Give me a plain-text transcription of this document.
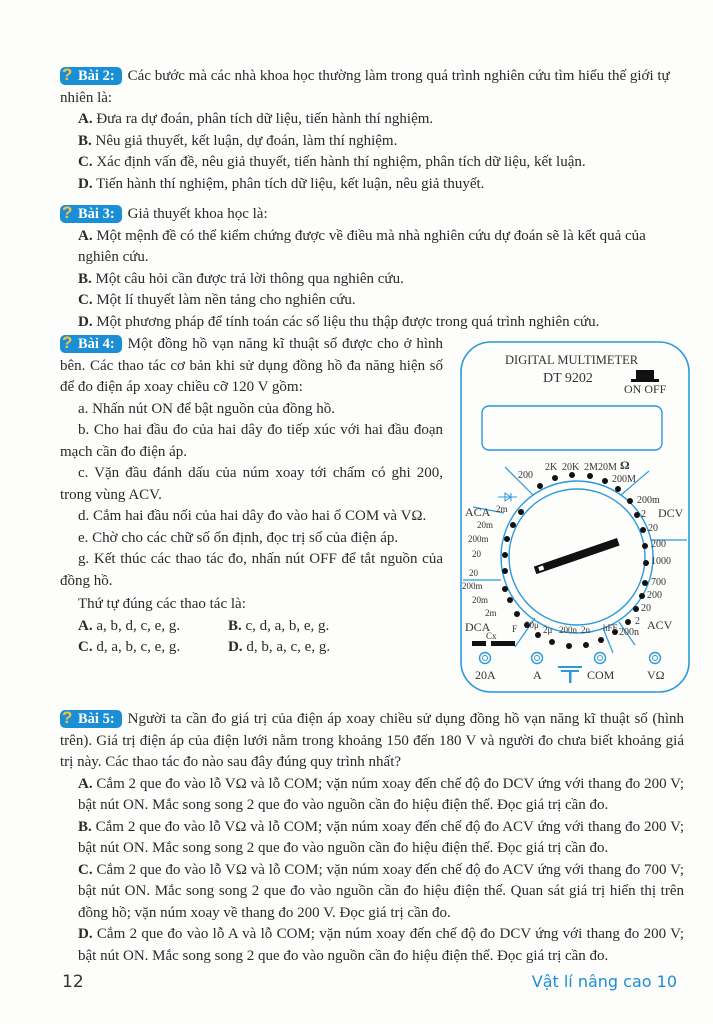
? Bài 2: Các bước mà các nhà khoa học thường làm trong quá trình nghiên cứu tìm hiểu thế giới tự nhiên là:
A. Đưa ra dự đoán, phân tích dữ liệu, tiến hành thí nghiệm.
B. Nêu giả thuyết, kết luận, dự đoán, làm thí nghiệm.
C. Xác định vấn đề, nêu giả thuyết, tiến hành thí nghiệm, phân tích dữ liệu, kết luận.
D. Tiến hành thí nghiệm, phân tích dữ liệu, kết luận, nêu giả thuyết.
? Bài 3: Giả thuyết khoa học là:
A. Một mệnh đề có thể kiểm chứng được về điều mà nhà nghiên cứu dự đoán sẽ là kết quả của nghiên cứu.
B. Một câu hỏi cần được trả lời thông qua nghiên cứu.
C. Một lí thuyết làm nền tảng cho nghiên cứu.
D. Một phương pháp để tính toán các số liệu thu thập được trong quá trình nghiên cứu.
? Bài 4: Một đồng hồ vạn năng kĩ thuật số được cho ở hình bên. Các thao tác cơ bản khi sử dụng đồng hồ đa năng hiện số để đo điện áp xoay chiều cỡ 120 V gồm:
a. Nhấn nút ON để bật nguồn của đồng hồ.
b. Cho hai đầu đo của hai dây đo tiếp xúc với hai đầu đoạn mạch cần đo điện áp.
c. Vặn đầu đánh dấu của núm xoay tới chấm có ghi 200, trong vùng ACV.
d. Cắm hai đầu nối của hai dây đo vào hai ổ COM và VΩ.
e. Chờ cho các chữ số ổn định, đọc trị số của điện áp.
g. Kết thúc các thao tác đo, nhấn nút OFF để tắt nguồn của đồng hồ.
Thứ tự đúng các thao tác là:
A. a, b, d, c, e, g.	B. c, d, a, b, e, g.
C. d, a, b, c, e, g.	D. d, b, a, c, e, g.
DIGITAL MULTIMETER
DT 9202
ON OFF
200
2K 20K 2M 20M Ω
200M
200m
2
20
200
1000
DCV
700
200
20
2
200n
ACV
ACA 2m
20m
200m
20
20
200m
20m
2m
DCA F 20μ 2μ 200n 2n hFE
Cx
20A	A	COM	VΩ
? Bài 5: Người ta cần đo giá trị của điện áp xoay chiều sử dụng đồng hồ vạn năng kĩ thuật số (hình trên). Giá trị điện áp của điện lưới nằm trong khoảng 150 đến 180 V và người đo chưa biết khoảng giá trị này. Các thao tác đo nào sau đây đúng quy trình nhất?
A. Cắm 2 que đo vào lỗ VΩ và lỗ COM; vặn núm xoay đến chế độ đo DCV ứng với thang đo 200 V; bật nút ON. Mắc song song 2 que đo vào nguồn cần đo hiệu điện thế. Đọc giá trị cần đo.
B. Cắm 2 que đo vào lỗ VΩ và lỗ COM; vặn núm xoay đến chế độ đo ACV ứng với thang đo 200 V; bật nút ON. Mắc song song 2 que đo vào nguồn cần đo hiệu điện thế. Đọc giá trị cần đo.
C. Cắm 2 que đo vào lỗ VΩ và lỗ COM; vặn núm xoay đến chế độ đo ACV ứng với thang đo 700 V; bật nút ON. Mắc song song 2 que đo vào nguồn cần đo hiệu điện thế. Quan sát giá trị hiển thị trên đồng hồ; vặn núm xoay về thang đo 200 V. Đọc giá trị cần đo.
D. Cắm 2 que đo vào lỗ A và lỗ COM; vặn núm xoay đến chế độ đo DCV ứng với thang đo 200 V; bật nút ON. Mắc song song 2 que đo vào nguồn cần đo hiệu điện thế. Đọc giá trị cần đo.
12	Vật lí nâng cao 10
